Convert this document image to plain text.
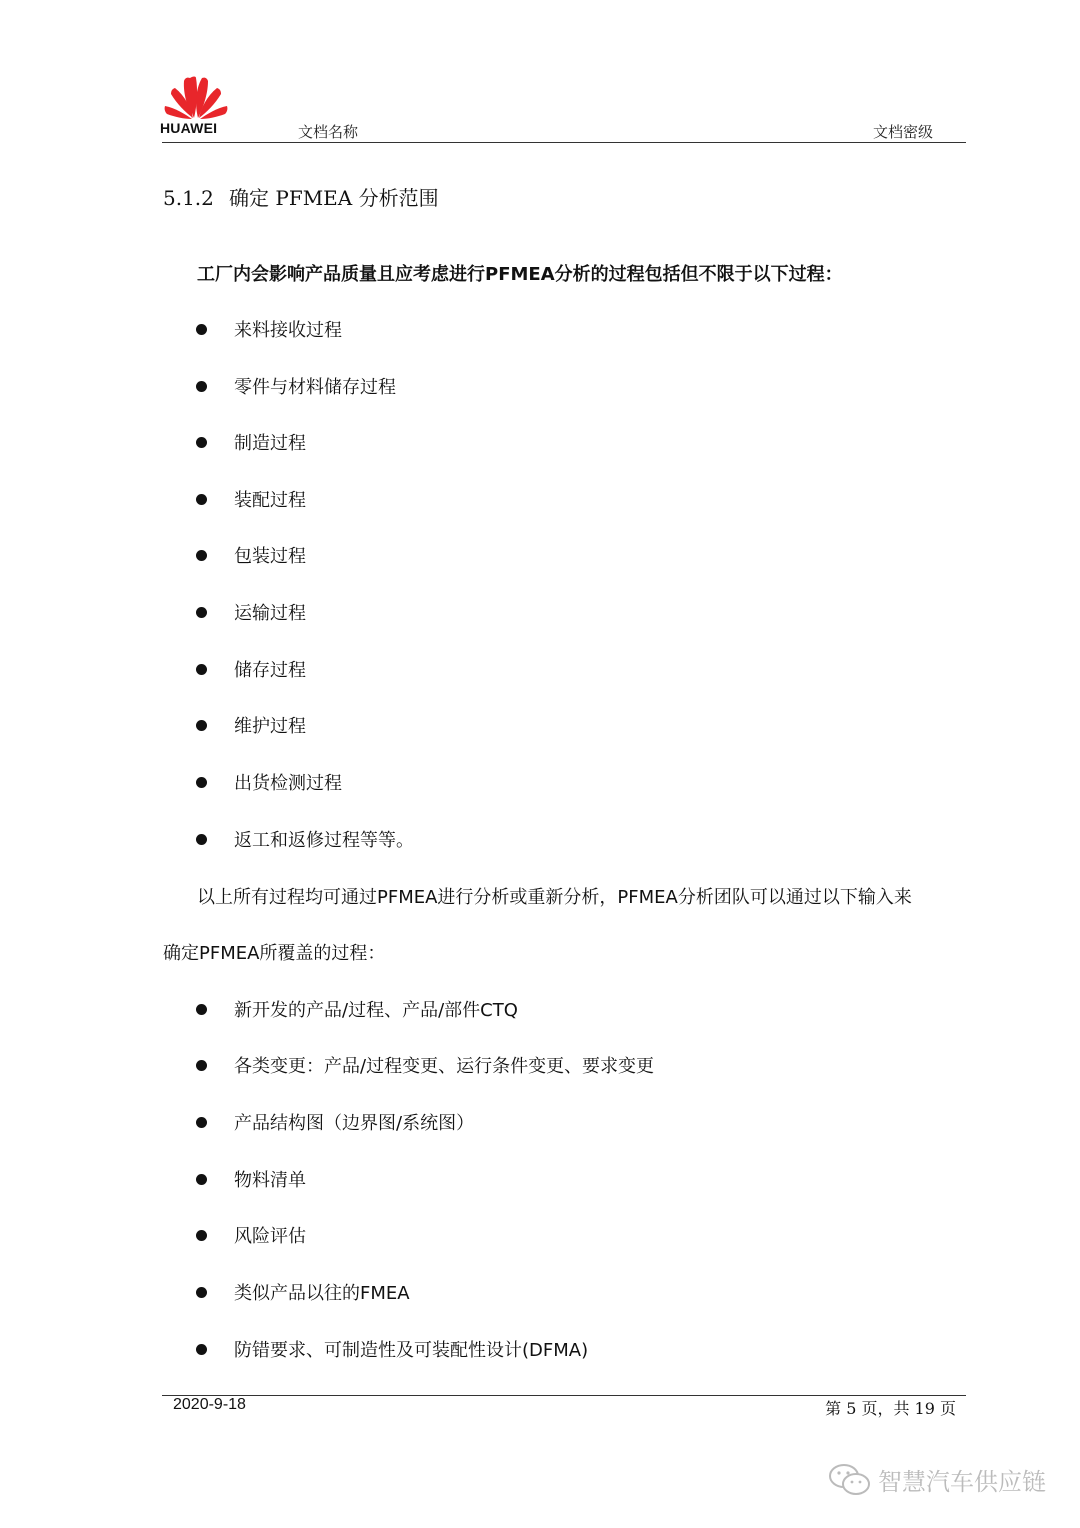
HUAWEI	文档名称	文档密级
5.1.2 确定 PFMEA 分析范围
工厂内会影响产品质量且应考虑进行PFMEA分析的过程包括但不限于以下过程：
来料接收过程
零件与材料储存过程
制造过程
装配过程
包装过程
运输过程
储存过程
维护过程
出货检测过程
返工和返修过程等等。
以上所有过程均可通过PFMEA进行分析或重新分析，PFMEA分析团队可以通过以下输入来
确定PFMEA所覆盖的过程：
新开发的产品/过程、产品/部件CTQ
各类变更：产品/过程变更、运行条件变更、要求变更
产品结构图（边界图/系统图）
物料清单
风险评估
类似产品以往的FMEA
防错要求、可制造性及可装配性设计(DFMA)
2020-9-18	第 5 页，共 19 页
智慧汽车供应链
